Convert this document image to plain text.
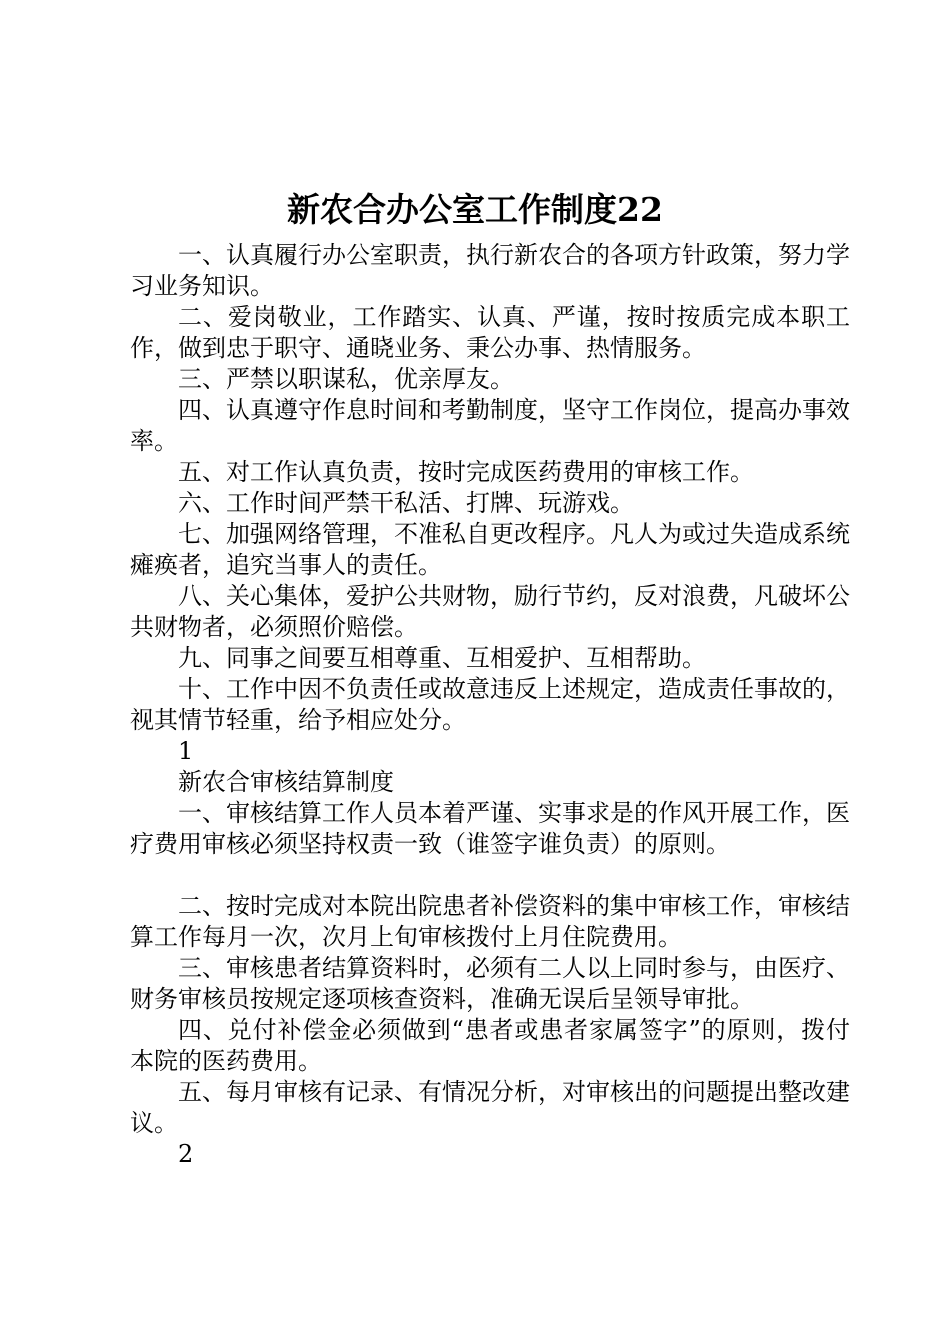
新农合办公室工作制度22

一、认真履行办公室职责，执行新农合的各项方针政策，努力学习业务知识。

二、爱岗敬业，工作踏实、认真、严谨，按时按质完成本职工作，做到忠于职守、通晓业务、秉公办事、热情服务。

三、严禁以职谋私，优亲厚友。

四、认真遵守作息时间和考勤制度，坚守工作岗位，提高办事效率。

五、对工作认真负责，按时完成医药费用的审核工作。

六、工作时间严禁干私活、打牌、玩游戏。

七、加强网络管理，不准私自更改程序。凡人为或过失造成系统瘫痪者，追究当事人的责任。

八、关心集体，爱护公共财物，励行节约，反对浪费，凡破坏公共财物者，必须照价赔偿。

九、同事之间要互相尊重、互相爱护、互相帮助。

十、工作中因不负责任或故意违反上述规定，造成责任事故的，视其情节轻重，给予相应处分。

1

新农合审核结算制度

一、审核结算工作人员本着严谨、实事求是的作风开展工作，医疗费用审核必须坚持权责一致（谁签字谁负责）的原则。

二、按时完成对本院出院患者补偿资料的集中审核工作，审核结算工作每月一次，次月上旬审核拨付上月住院费用。

三、审核患者结算资料时，必须有二人以上同时参与，由医疗、财务审核员按规定逐项核查资料，准确无误后呈领导审批。

四、兑付补偿金必须做到“患者或患者家属签字”的原则，拨付本院的医药费用。

五、每月审核有记录、有情况分析，对审核出的问题提出整改建议。

2
